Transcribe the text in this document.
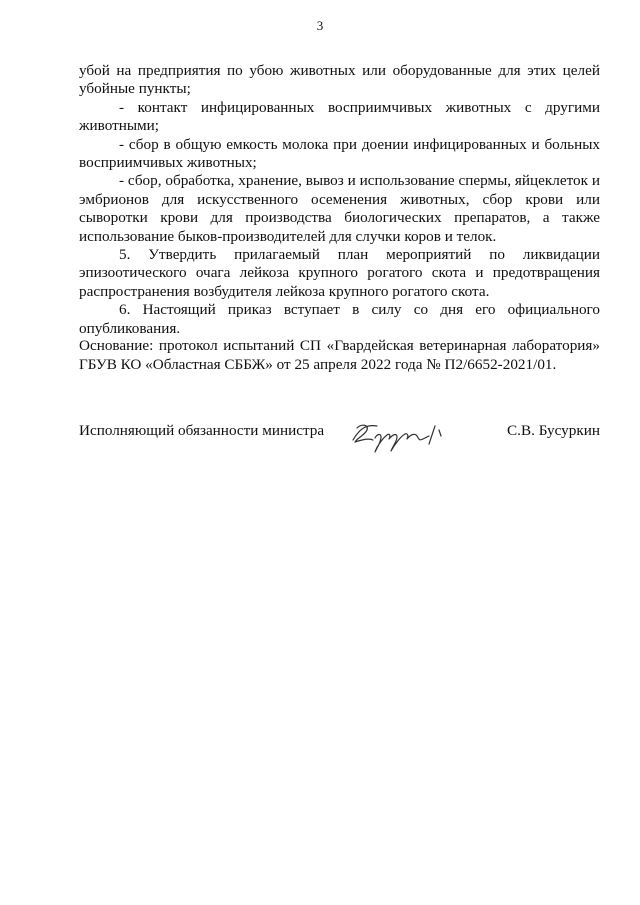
3

убой на предприятия по убою животных или оборудованные для этих целей убойные пункты;

- контакт инфицированных восприимчивых животных с другими животными;

- сбор в общую емкость молока при доении инфицированных и больных восприимчивых животных;

- сбор, обработка, хранение, вывоз и использование спермы, яйцеклеток и эмбрионов для искусственного осеменения животных, сбор крови или сыворотки крови для производства биологических препаратов, а также использование быков-производителей для случки коров и телок.

5. Утвердить прилагаемый план мероприятий по ликвидации эпизоотического очага лейкоза крупного рогатого скота и предотвращения распространения возбудителя лейкоза крупного рогатого скота.

6. Настоящий приказ вступает в силу со дня его официального опубликования.

Основание: протокол испытаний СП «Гвардейская ветеринарная лаборатория» ГБУВ КО «Областная СББЖ» от 25 апреля 2022 года № П2/6652-2021/01.

Исполняющий обязанности министра	С.В. Бусуркин
